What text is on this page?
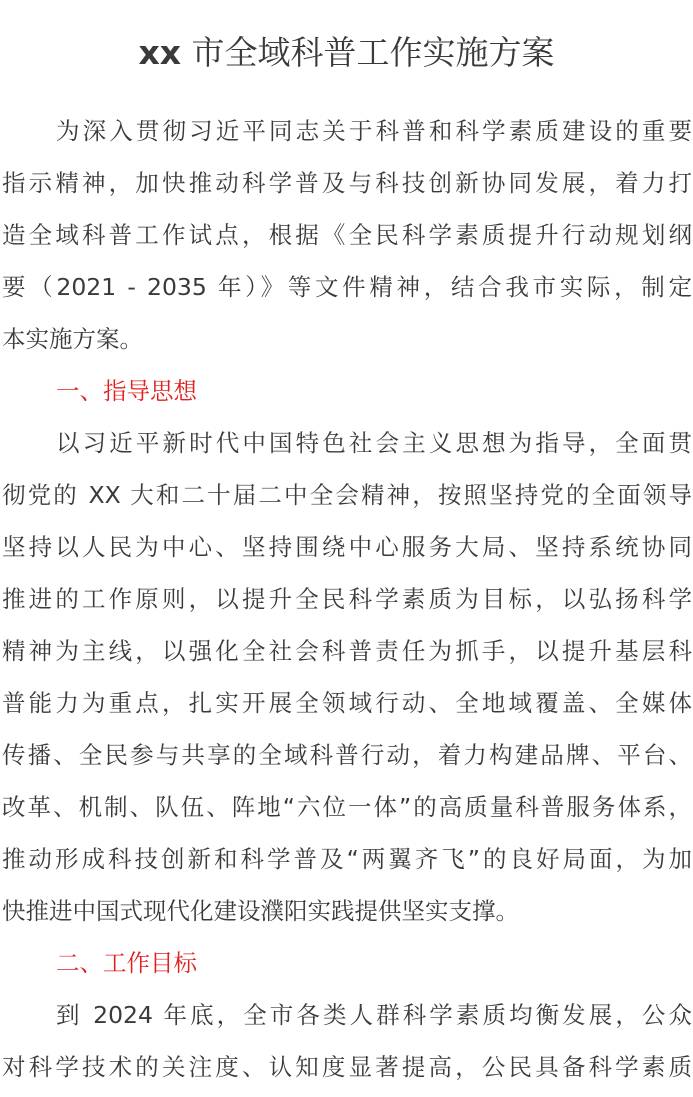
xx 市全域科普工作实施方案
为深入贯彻习近平同志关于科普和科学素质建设的重要
指示精神，加快推动科学普及与科技创新协同发展，着力打
造全域科普工作试点，根据《全民科学素质提升行动规划纲
要（2021 - 2035 年）》等文件精神，结合我市实际，制定
本实施方案。
一、指导思想
以习近平新时代中国特色社会主义思想为指导，全面贯
彻党的 XX 大和二十届二中全会精神，按照坚持党的全面领导
坚持以人民为中心、坚持围绕中心服务大局、坚持系统协同
推进的工作原则，以提升全民科学素质为目标，以弘扬科学
精神为主线，以强化全社会科普责任为抓手，以提升基层科
普能力为重点，扎实开展全领域行动、全地域覆盖、全媒体
传播、全民参与共享的全域科普行动，着力构建品牌、平台、
改革、机制、队伍、阵地“六位一体”的高质量科普服务体系，
推动形成科技创新和科学普及“两翼齐飞”的良好局面，为加
快推进中国式现代化建设濮阳实践提供坚实支撑。
二、工作目标
到 2024 年底，全市各类人群科学素质均衡发展，公众
对科学技术的关注度、认知度显著提高，公民具备科学素质
